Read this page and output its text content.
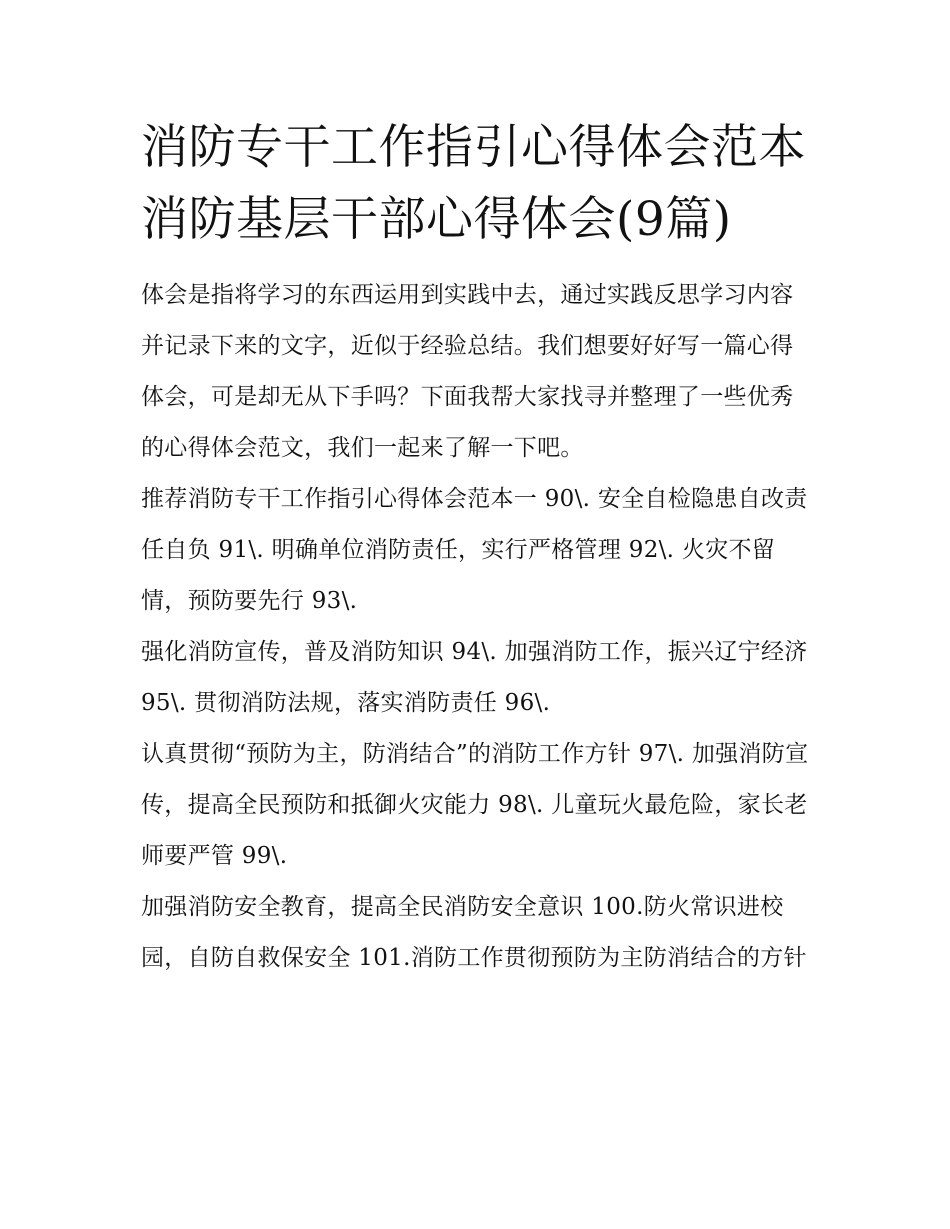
消防专干工作指引心得体会范本 消防基层干部心得体会(9篇)

体会是指将学习的东西运用到实践中去，通过实践反思学习内容并记录下来的文字，近似于经验总结。我们想要好好写一篇心得体会，可是却无从下手吗？下面我帮大家找寻并整理了一些优秀的心得体会范文，我们一起来了解一下吧。

推荐消防专干工作指引心得体会范本一 90\. 安全自检隐患自改责任自负 91\. 明确单位消防责任，实行严格管理 92\. 火灾不留情，预防要先行 93\.

强化消防宣传，普及消防知识 94\. 加强消防工作，振兴辽宁经济 95\. 贯彻消防法规，落实消防责任 96\.

认真贯彻“预防为主，防消结合”的消防工作方针 97\. 加强消防宣传，提高全民预防和抵御火灾能力 98\. 儿童玩火最危险，家长老师要严管 99\.

加强消防安全教育，提高全民消防安全意识 100.防火常识进校园，自防自救保安全 101.消防工作贯彻预防为主防消结合的方针
